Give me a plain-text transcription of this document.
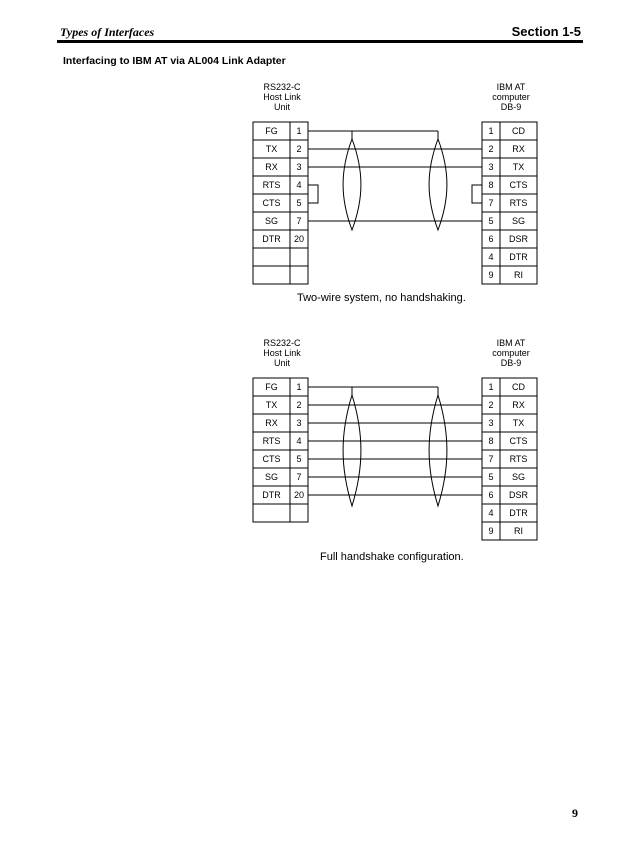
Types of Interfaces	Section 1-5
Interfacing to IBM AT via AL004 Link Adapter
RS232-C
Host Link
Unit
IBM AT
computer
DB-9
FG	1
TX	2
RX	3
RTS	4
CTS	5
SG	7
DTR	20
1	CD
2	RX
3	TX
8	CTS
7	RTS
5	SG
6	DSR
4	DTR
9	RI
Two-wire system, no handshaking.
RS232-C
Host Link
Unit
IBM AT
computer
DB-9
FG	1
TX	2
RX	3
RTS	4
CTS	5
SG	7
DTR	20
1	CD
2	RX
3	TX
8	CTS
7	RTS
5	SG
6	DSR
4	DTR
9	RI
Full handshake configuration.
9
